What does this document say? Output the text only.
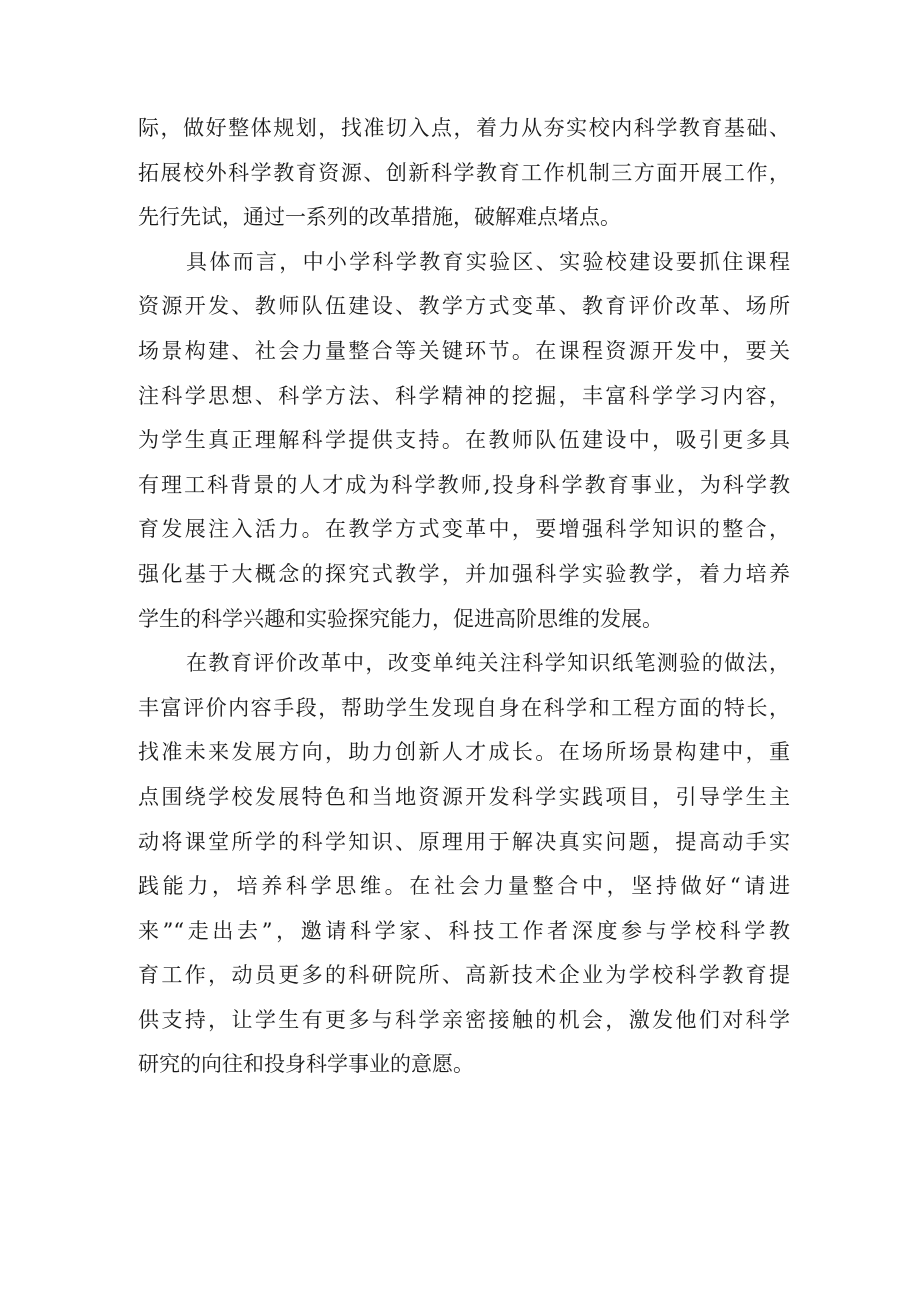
际，做好整体规划，找准切入点，着力从夯实校内科学教育基础、
拓展校外科学教育资源、创新科学教育工作机制三方面开展工作，
先行先试，通过一系列的改革措施，破解难点堵点。
具体而言，中小学科学教育实验区、实验校建设要抓住课程
资源开发、教师队伍建设、教学方式变革、教育评价改革、场所
场景构建、社会力量整合等关键环节。在课程资源开发中，要关
注科学思想、科学方法、科学精神的挖掘，丰富科学学习内容，
为学生真正理解科学提供支持。在教师队伍建设中，吸引更多具
有理工科背景的人才成为科学教师,投身科学教育事业，为科学教
育发展注入活力。在教学方式变革中，要增强科学知识的整合，
强化基于大概念的探究式教学，并加强科学实验教学，着力培养
学生的科学兴趣和实验探究能力，促进高阶思维的发展。
在教育评价改革中，改变单纯关注科学知识纸笔测验的做法，
丰富评价内容手段，帮助学生发现自身在科学和工程方面的特长，
找准未来发展方向，助力创新人才成长。在场所场景构建中，重
点围绕学校发展特色和当地资源开发科学实践项目，引导学生主
动将课堂所学的科学知识、原理用于解决真实问题，提高动手实
践能力，培养科学思维。在社会力量整合中，坚持做好“请进
来”“走出去”，邀请科学家、科技工作者深度参与学校科学教
育工作，动员更多的科研院所、高新技术企业为学校科学教育提
供支持，让学生有更多与科学亲密接触的机会，激发他们对科学
研究的向往和投身科学事业的意愿。
